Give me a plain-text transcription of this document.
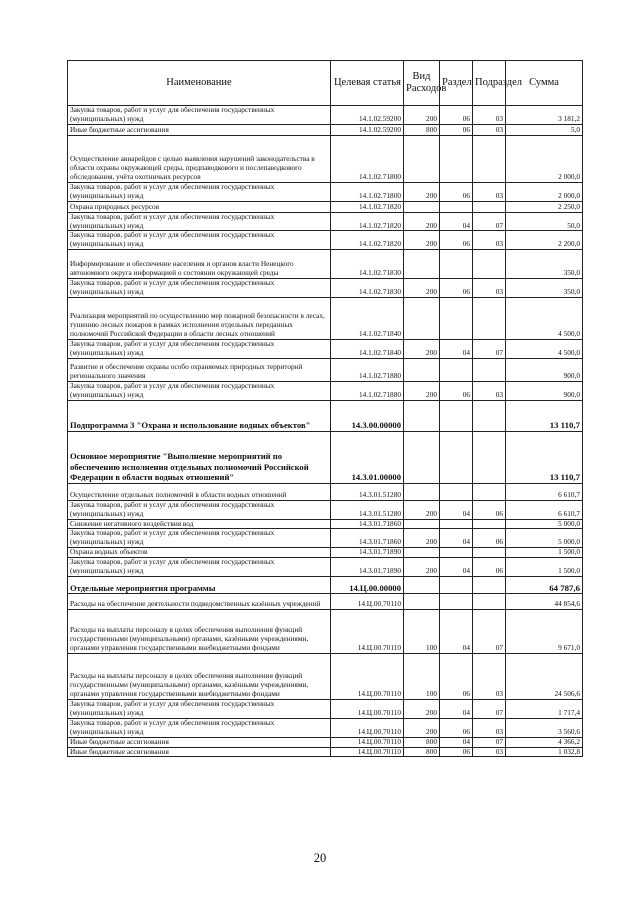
Наименование	Целевая статья	Вид Расходов	Раздел	Подраздел	Сумма
Закупка товаров, работ и услуг для обеспечения государственных (муниципальных) нужд	14.1.02.59200	200	06	03	3 181,2
Иные бюджетные ассигнования	14.1.02.59200	800	06	03	5,0
Осуществление авиарейдов с целью выявления нарушений законодательства в области охраны окружающей среды, предпаводкового и послепаводкового обследования, учёта охотничьих ресурсов	14.1.02.71800				2 000,0
Закупка товаров, работ и услуг для обеспечения государственных (муниципальных) нужд	14.1.02.71800	200	06	03	2 000,0
Охрана природных ресурсов	14.1.02.71820				2 250,0
Закупка товаров, работ и услуг для обеспечения государственных (муниципальных) нужд	14.1.02.71820	200	04	07	50,0
Закупка товаров, работ и услуг для обеспечения государственных (муниципальных) нужд	14.1.02.71820	200	06	03	2 200,0
Информирование и обеспечение населения и органов власти Ненецкого автономного округа информацией о состоянии окружающей среды	14.1.02.71830				350,0
Закупка товаров, работ и услуг для обеспечения государственных (муниципальных) нужд	14.1.02.71830	200	06	03	350,0
Реализация мероприятий по осуществлению мер пожарной безопасности в лесах, тушению лесных пожаров в рамках исполнения отдельных переданных полномочий Российской Федерации в области лесных отношений	14.1.02.71840				4 500,0
Закупка товаров, работ и услуг для обеспечения государственных (муниципальных) нужд	14.1.02.71840	200	04	07	4 500,0
Развитие и обеспечение охраны особо охраняемых природных территорий регионального значения	14.1.02.71880				900,0
Закупка товаров, работ и услуг для обеспечения государственных (муниципальных) нужд	14.1.02.71880	200	06	03	900,0
Подпрограмма 3 "Охрана и использование водных объектов"	14.3.00.00000				13 110,7
Основное мероприятие "Выполнение мероприятий по обеспечению исполнения отдельных полномочий Российской Федерации в области водных отношений"	14.3.01.00000				13 110,7
Осуществление отдельных полномочий в области водных отношений	14.3.01.51280				6 610,7
Закупка товаров, работ и услуг для обеспечения государственных (муниципальных) нужд	14.3.01.51280	200	04	06	6 610,7
Снижение негативного воздействия вод	14.3.01.71860				5 000,0
Закупка товаров, работ и услуг для обеспечения государственных (муниципальных) нужд	14.3.01.71860	200	04	06	5 000,0
Охрана водных объектов	14.3.01.71890				1 500,0
Закупка товаров, работ и услуг для обеспечения государственных (муниципальных) нужд	14.3.01.71890	200	04	06	1 500,0
Отдельные мероприятия программы	14.Ц.00.00000				64 787,6
Расходы на обеспечение деятельности подведомственных казённых учреждений	14.Ц.00.70110				44 854,6
Расходы на выплаты персоналу в целях обеспечения выполнения функций государственными (муниципальными) органами, казёнными учреждениями, органами управления государственными внебюджетными фондами	14.Ц.00.70110	100	04	07	9 671,0
Расходы на выплаты персоналу в целях обеспечения выполнения функций государственными (муниципальными) органами, казёнными учреждениями, органами управления государственными внебюджетными фондами	14.Ц.00.70110	100	06	03	24 506,6
Закупка товаров, работ и услуг для обеспечения государственных (муниципальных) нужд	14.Ц.00.70110	200	04	07	1 717,4
Закупка товаров, работ и услуг для обеспечения государственных (муниципальных) нужд	14.Ц.00.70110	200	06	03	3 560,6
Иные бюджетные ассигнования	14.Ц.00.70110	800	04	07	4 366,2
Иные бюджетные ассигнования	14.Ц.00.70110	800	06	03	1 032,8
20
